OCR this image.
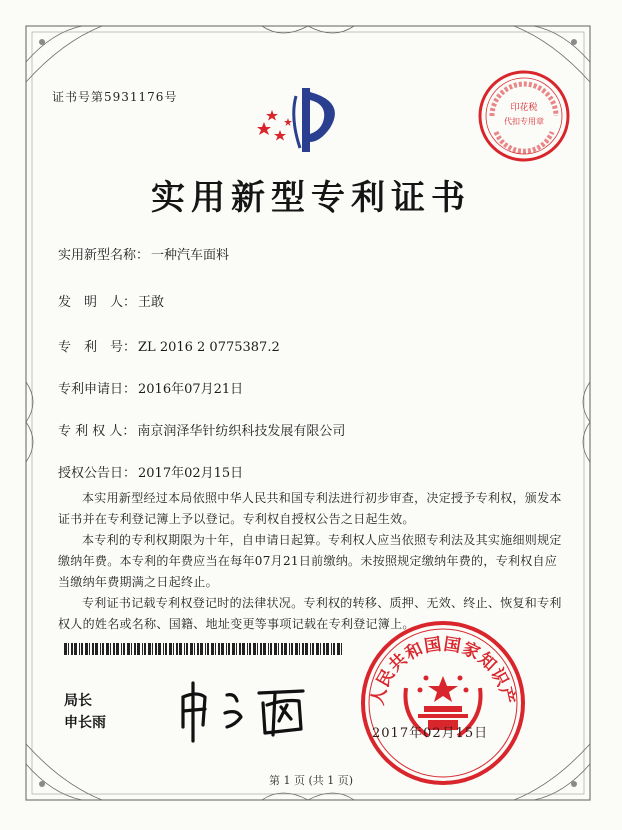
证书号第5931176号
印花税
代扣专用章
实用新型专利证书
实用新型名称： 一种汽车面料
发　明　人： 王敢
专　利　号： ZL 2016 2 0775387.2
专利申请日： 2016年07月21日
专 利 权 人： 南京润泽华针纺织科技发展有限公司
授权公告日： 2017年02月15日

本实用新型经过本局依照中华人民共和国专利法进行初步审查，决定授予专利权，颁发本证书并在专利登记簿上予以登记。专利权自授权公告之日起生效。

本专利的专利权期限为十年，自申请日起算。专利权人应当依照专利法及其实施细则规定缴纳年费。本专利的年费应当在每年07月21日前缴纳。未按照规定缴纳年费的，专利权自应当缴纳年费期满之日起终止。

专利证书记载专利权登记时的法律状况。专利权的转移、质押、无效、终止、恢复和专利权人的姓名或名称、国籍、地址变更等事项记载在专利登记簿上。

局长
申长雨
人民共和国国家知识产
2017年02月15日
第 1 页 (共 1 页)
